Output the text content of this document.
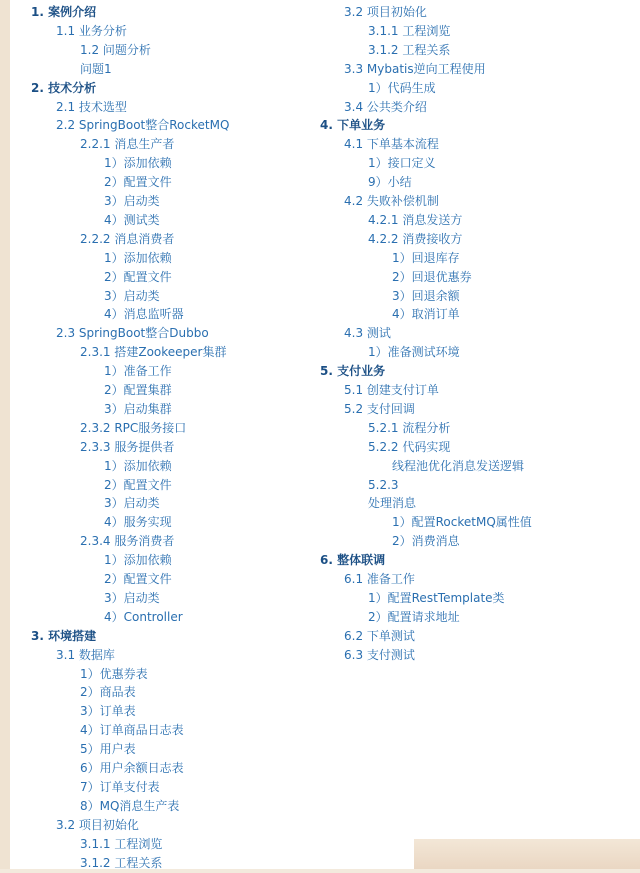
1. 案例介绍
1.1 业务分析
1.2 问题分析
问题1
2. 技术分析
2.1 技术选型
2.2 SpringBoot整合RocketMQ
2.2.1 消息生产者
1）添加依赖
2）配置文件
3）启动类
4）测试类
2.2.2 消息消费者
1）添加依赖
2）配置文件
3）启动类
4）消息监听器
2.3 SpringBoot整合Dubbo
2.3.1 搭建Zookeeper集群
1）准备工作
2）配置集群
3）启动集群
2.3.2 RPC服务接口
2.3.3 服务提供者
1）添加依赖
2）配置文件
3）启动类
4）服务实现
2.3.4 服务消费者
1）添加依赖
2）配置文件
3）启动类
4）Controller
3. 环境搭建
3.1 数据库
1）优惠券表
2）商品表
3）订单表
4）订单商品日志表
5）用户表
6）用户余额日志表
7）订单支付表
8）MQ消息生产表
3.2 项目初始化
3.1.1 工程浏览
3.1.2 工程关系
3.2 项目初始化
3.1.1 工程浏览
3.1.2 工程关系
3.3 Mybatis逆向工程使用
1）代码生成
3.4 公共类介绍
4. 下单业务
4.1 下单基本流程
1）接口定义
9）小结
4.2 失败补偿机制
4.2.1 消息发送方
4.2.2 消费接收方
1）回退库存
2）回退优惠券
3）回退余额
4）取消订单
4.3 测试
1）准备测试环境
5. 支付业务
5.1 创建支付订单
5.2 支付回调
5.2.1 流程分析
5.2.2 代码实现
线程池优化消息发送逻辑
5.2.3
处理消息
1）配置RocketMQ属性值
2）消费消息
6. 整体联调
6.1 准备工作
1）配置RestTemplate类
2）配置请求地址
6.2 下单测试
6.3 支付测试
